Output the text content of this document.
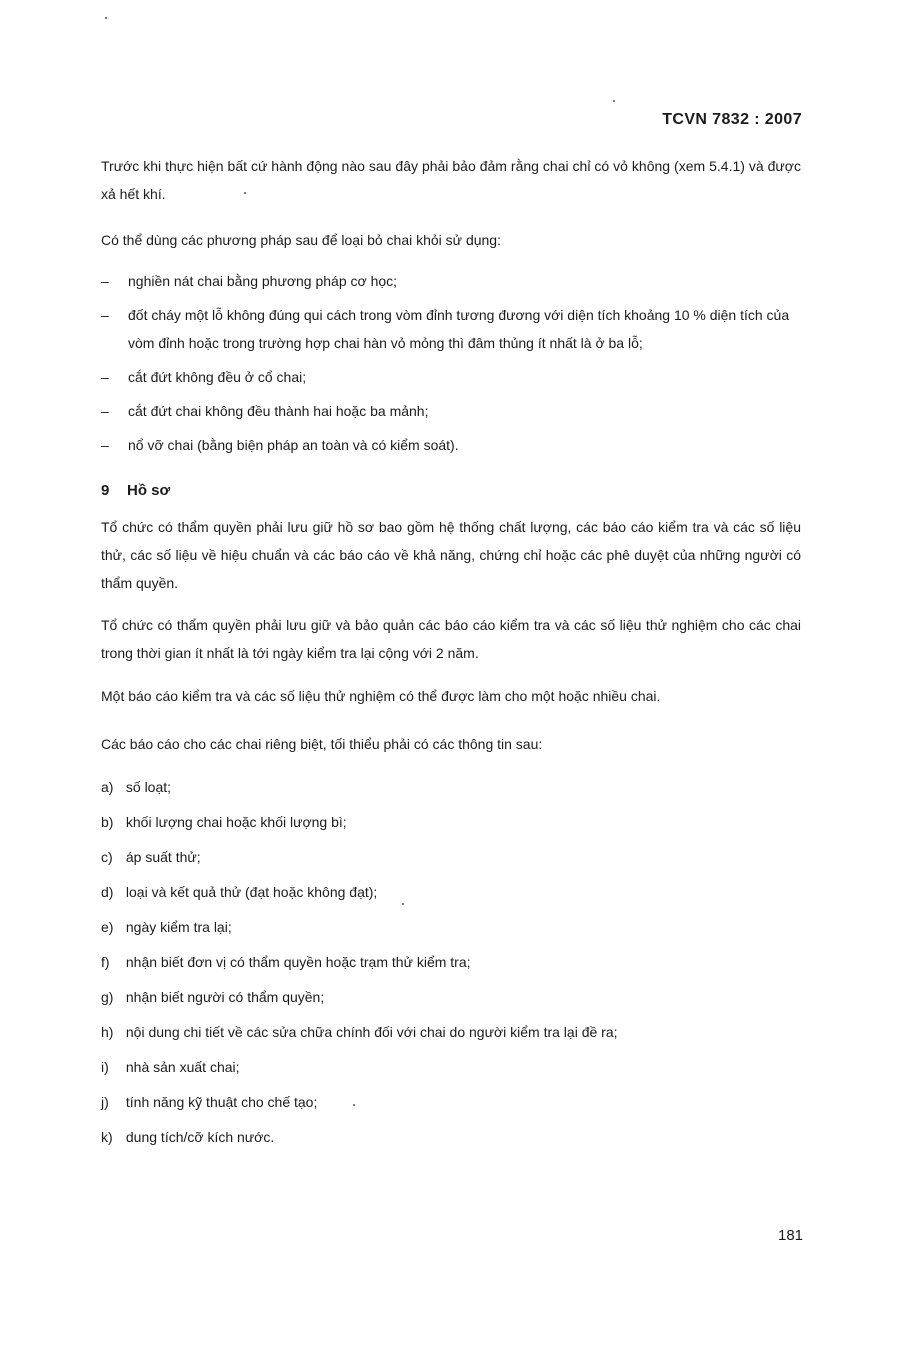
TCVN 7832 : 2007
Trước khi thực hiện bất cứ hành động nào sau đây phải bảo đảm rằng chai chỉ có vỏ không (xem 5.4.1) và được xả hết khí.
Có thể dùng các phương pháp sau để loại bỏ chai khỏi sử dụng:
– nghiền nát chai bằng phương pháp cơ học;
– đốt cháy một lỗ không đúng qui cách trong vòm đỉnh tương đương với diện tích khoảng 10 % diện tích của vòm đỉnh hoặc trong trường hợp chai hàn vỏ mỏng thì đâm thủng ít nhất là ở ba lỗ;
– cắt đứt không đều ở cổ chai;
– cắt đứt chai không đều thành hai hoặc ba mảnh;
– nổ vỡ chai (bằng biện pháp an toàn và có kiểm soát).
9 Hồ sơ
Tổ chức có thẩm quyền phải lưu giữ hồ sơ bao gồm hệ thống chất lượng, các báo cáo kiểm tra và các số liệu thử, các số liệu về hiệu chuẩn và các báo cáo về khả năng, chứng chỉ hoặc các phê duyệt của những người có thẩm quyền.
Tổ chức có thẩm quyền phải lưu giữ và bảo quản các báo cáo kiểm tra và các số liệu thử nghiệm cho các chai trong thời gian ít nhất là tới ngày kiểm tra lại cộng với 2 năm.
Một báo cáo kiểm tra và các số liệu thử nghiệm có thể được làm cho một hoặc nhiều chai.
Các báo cáo cho các chai riêng biệt, tối thiểu phải có các thông tin sau:
a) số loạt;
b) khối lượng chai hoặc khối lượng bì;
c) áp suất thử;
d) loại và kết quả thử (đạt hoặc không đạt);
e) ngày kiểm tra lại;
f) nhận biết đơn vị có thẩm quyền hoặc trạm thử kiểm tra;
g) nhận biết người có thẩm quyền;
h) nội dung chi tiết về các sửa chữa chính đối với chai do người kiểm tra lại đề ra;
i) nhà sản xuất chai;
j) tính năng kỹ thuật cho chế tạo;
k) dung tích/cỡ kích nước.
181
